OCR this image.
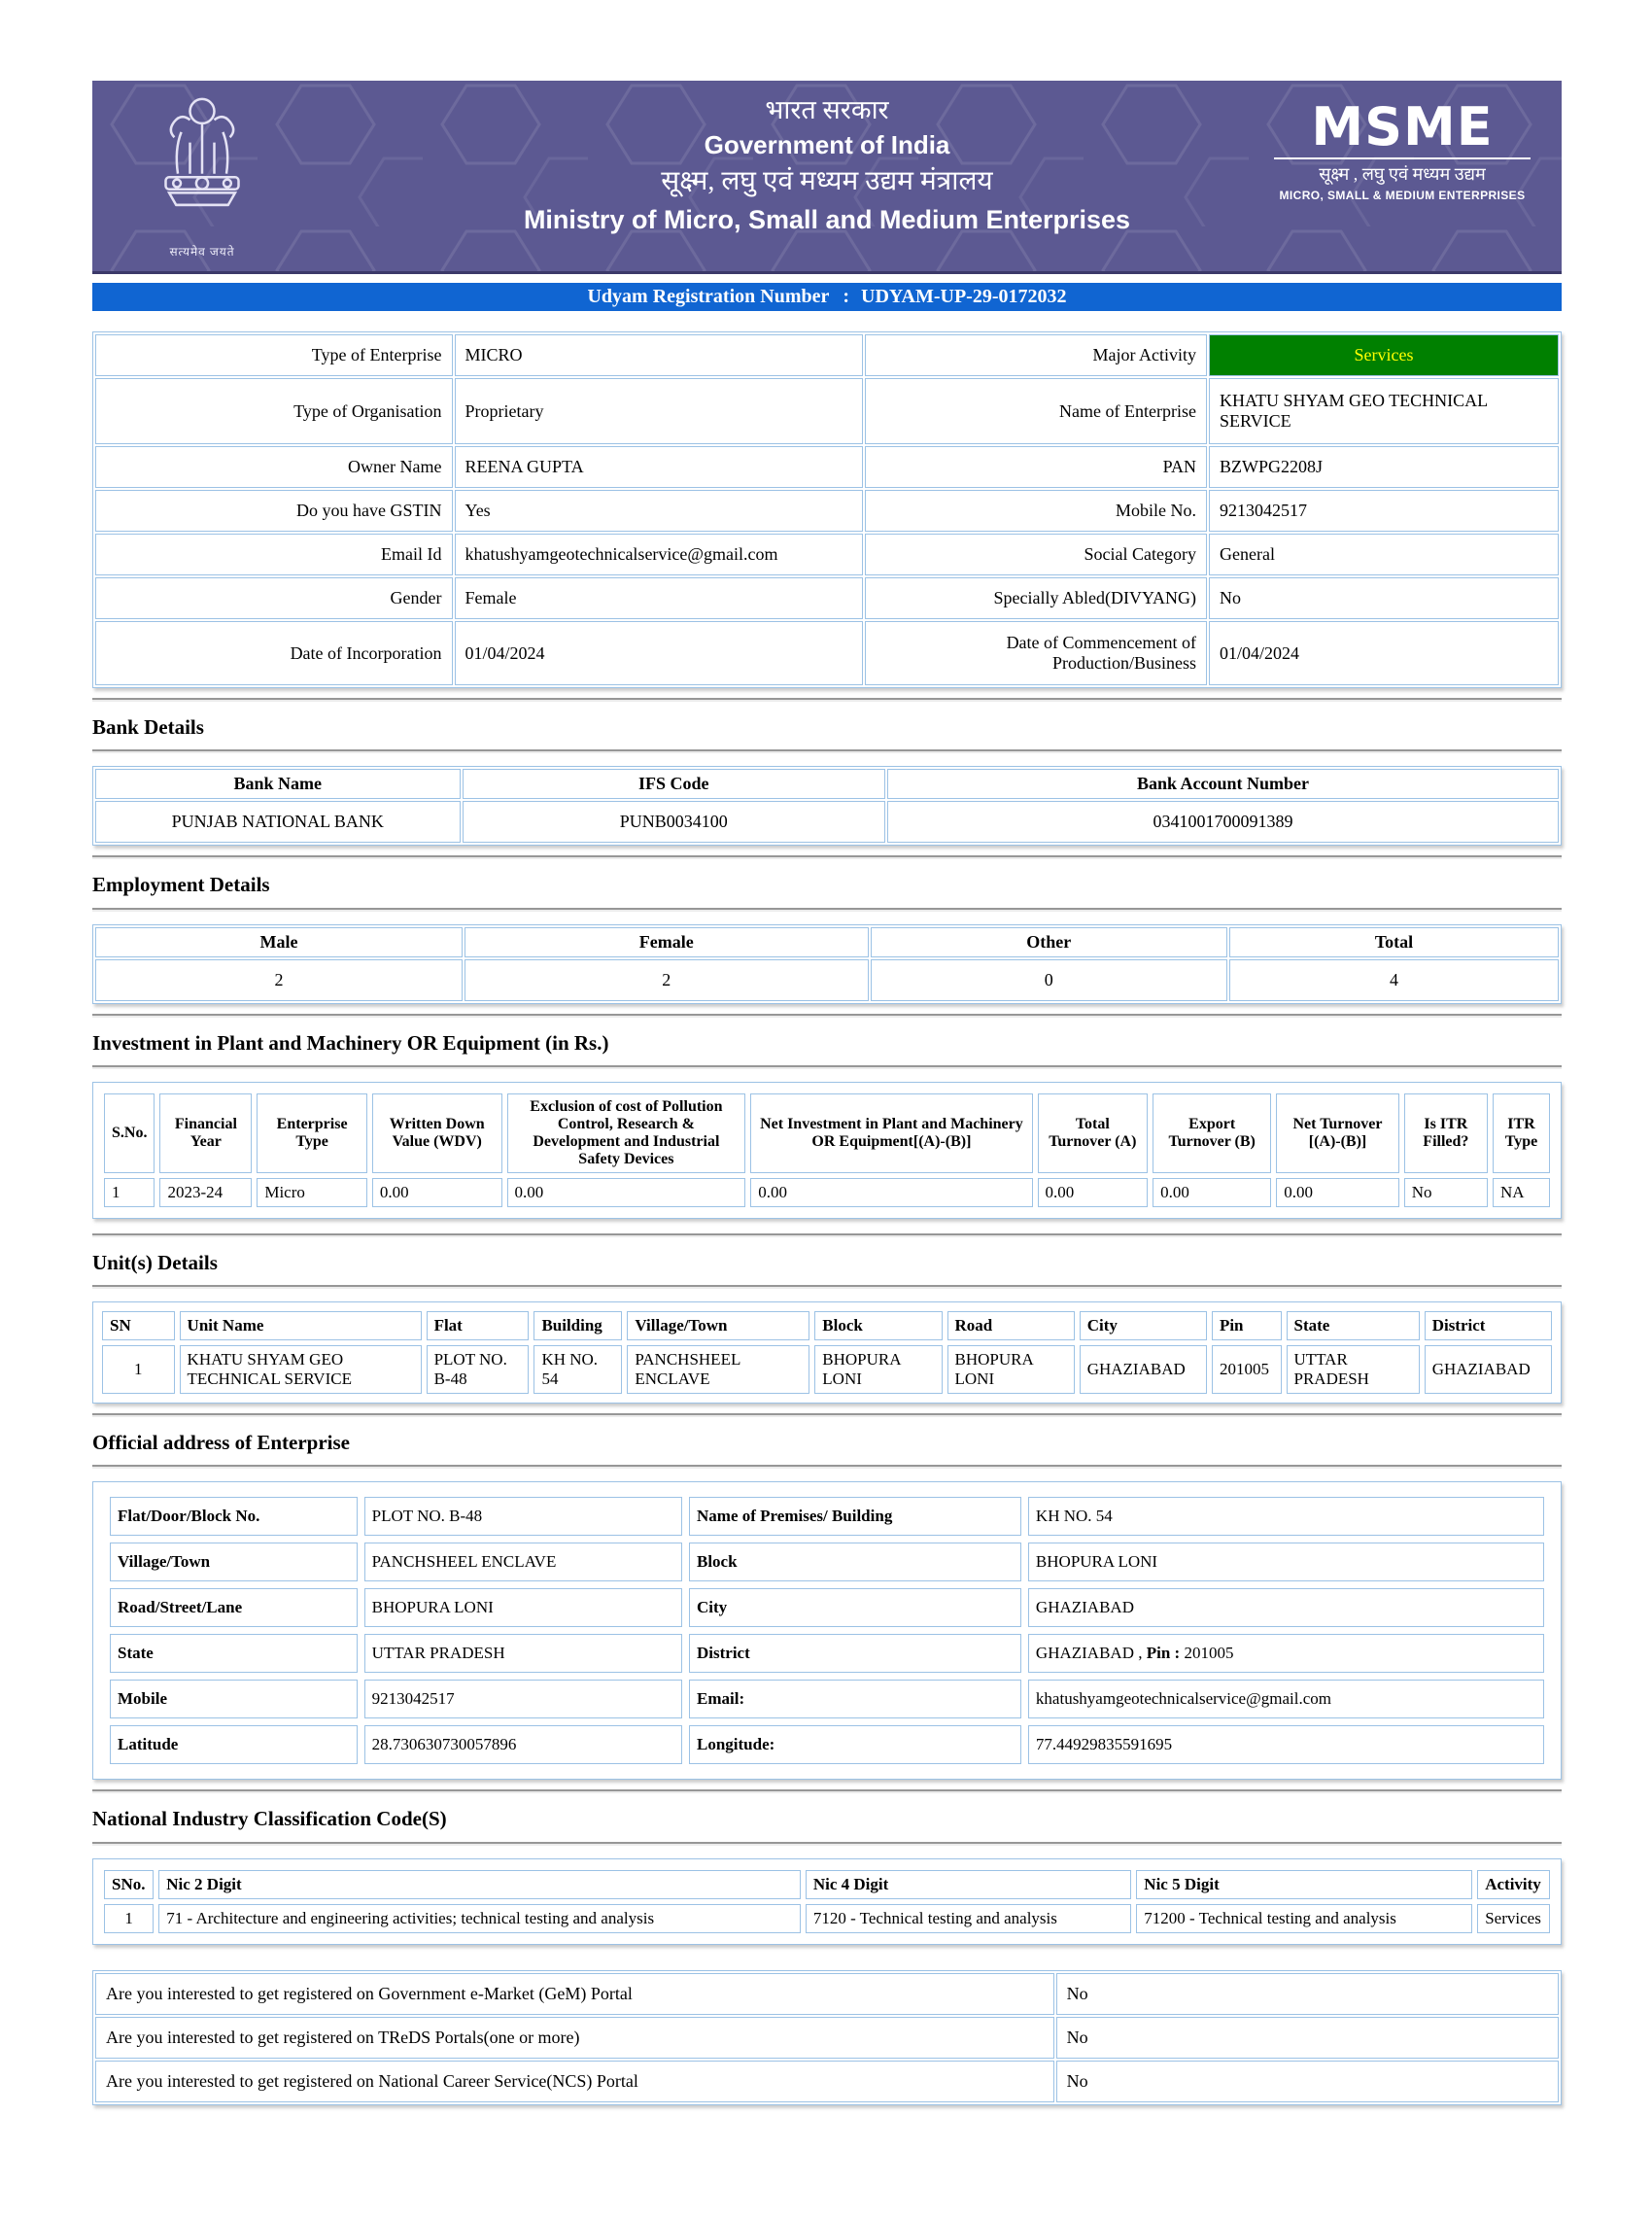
सत्यमेव जयते
भारत सरकार
Government of India
सूक्ष्म, लघु एवं मध्यम उद्यम मंत्रालय
Ministry of Micro, Small and Medium Enterprises
MSME
सूक्ष्म , लघु एवं मध्यम उद्यम
MICRO, SMALL & MEDIUM ENTERPRISES
Udyam Registration Number : UDYAM-UP-29-0172032
Type of Enterprise	MICRO	Major Activity	Services
Type of Organisation	Proprietary	Name of Enterprise	KHATU SHYAM GEO TECHNICAL SERVICE
Owner Name	REENA GUPTA	PAN	BZWPG2208J
Do you have GSTIN	Yes	Mobile No.	9213042517
Email Id	khatushyamgeotechnicalservice@gmail.com	Social Category	General
Gender	Female	Specially Abled(DIVYANG)	No
Date of Incorporation	01/04/2024	Date of Commencement of Production/Business	01/04/2024
Bank Details
Bank Name	IFS Code	Bank Account Number
PUNJAB NATIONAL BANK	PUNB0034100	0341001700091389
Employment Details
Male	Female	Other	Total
2	2	0	4
Investment in Plant and Machinery OR Equipment (in Rs.)
S.No.	Financial Year	Enterprise Type	Written Down Value (WDV)	Exclusion of cost of Pollution Control, Research & Development and Industrial Safety Devices	Net Investment in Plant and Machinery OR Equipment[(A)-(B)]	Total Turnover (A)	Export Turnover (B)	Net Turnover [(A)-(B)]	Is ITR Filled?	ITR Type
1	2023-24	Micro	0.00	0.00	0.00	0.00	0.00	0.00	No	NA
Unit(s) Details
SN	Unit Name	Flat	Building	Village/Town	Block	Road	City	Pin	State	District
1	KHATU SHYAM GEO TECHNICAL SERVICE	PLOT NO. B-48	KH NO. 54	PANCHSHEEL ENCLAVE	BHOPURA LONI	BHOPURA LONI	GHAZIABAD	201005	UTTAR PRADESH	GHAZIABAD
Official address of Enterprise
Flat/Door/Block No.	PLOT NO. B-48	Name of Premises/ Building	KH NO. 54
Village/Town	PANCHSHEEL ENCLAVE	Block	BHOPURA LONI
Road/Street/Lane	BHOPURA LONI	City	GHAZIABAD
State	UTTAR PRADESH	District	GHAZIABAD , Pin : 201005
Mobile	9213042517	Email:	khatushyamgeotechnicalservice@gmail.com
Latitude	28.730630730057896	Longitude:	77.44929835591695
National Industry Classification Code(S)
SNo.	Nic 2 Digit	Nic 4 Digit	Nic 5 Digit	Activity
1	71 - Architecture and engineering activities; technical testing and analysis	7120 - Technical testing and analysis	71200 - Technical testing and analysis	Services
Are you interested to get registered on Government e-Market (GeM) Portal	No
Are you interested to get registered on TReDS Portals(one or more)	No
Are you interested to get registered on National Career Service(NCS) Portal	No
